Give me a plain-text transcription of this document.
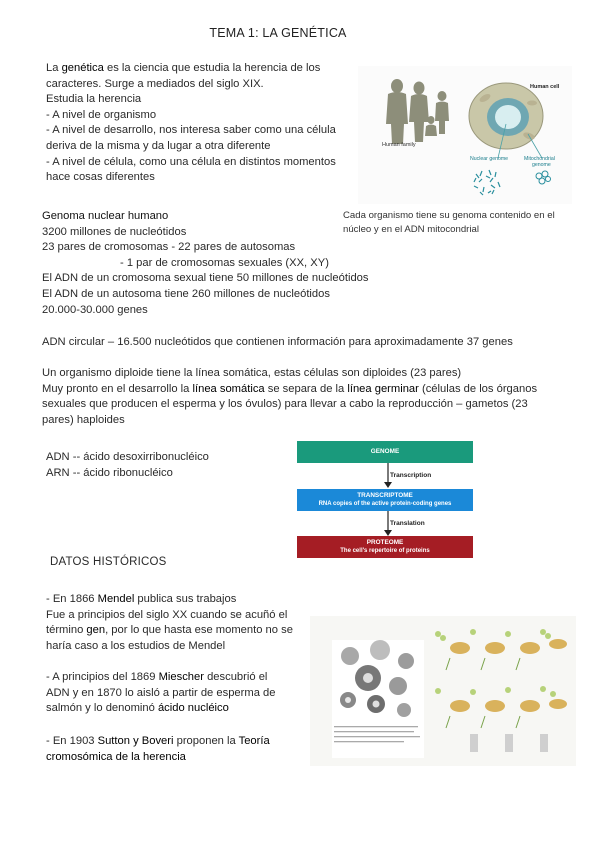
TEMA 1: LA GENÉTICA
La genética es la ciencia que estudia la herencia de los
caracteres. Surge a mediados del siglo XIX.
Estudia la herencia
- A nivel de organismo
- A nivel de desarrollo, nos interesa saber como una célula
deriva de la misma y da lugar a otra diferente
- A nivel de célula, como una célula en distintos momentos
hace cosas diferentes
Human family
Human cell
Nuclear genome	Mitochondrial
genome
Cada organismo tiene su genoma contenido en el
núcleo y en el ADN mitocondrial
Genoma nuclear humano
3200 millones de nucleótidos
23 pares de cromosomas - 22 pares de autosomas
- 1 par de cromosomas sexuales (XX, XY)
El ADN de un cromosoma sexual tiene 50 millones de nucleótidos
El ADN de un autosoma tiene 260 millones de nucleótidos
20.000-30.000 genes
ADN circular – 16.500 nucleótidos que contienen información para aproximadamente 37 genes
Un organismo diploide tiene la línea somática, estas células son diploides (23 pares)
Muy pronto en el desarrollo la línea somática se separa de la línea germinar (células de los órganos
sexuales que producen el esperma y los óvulos) para llevar a cabo la reproducción – gametos (23
pares) haploides
ADN -- ácido desoxirribonucléico
ARN -- ácido ribonucléico
GENOME
Transcription
TRANSCRIPTOME
RNA copies of the active protein-coding genes
Translation
PROTEOME
The cell's repertoire of proteins
DATOS HISTÓRICOS
- En 1866 Mendel publica sus trabajos
Fue a principios del siglo XX cuando se acuñó el
término gen, por lo que hasta ese momento no se
haría caso a los estudios de Mendel
- A principios del 1869 Miescher descubrió el
ADN y en 1870 lo aisló a partir de esperma de
salmón y lo denominó ácido nucléico
- En 1903 Sutton y Boveri proponen la Teoría
cromosómica de la herencia
